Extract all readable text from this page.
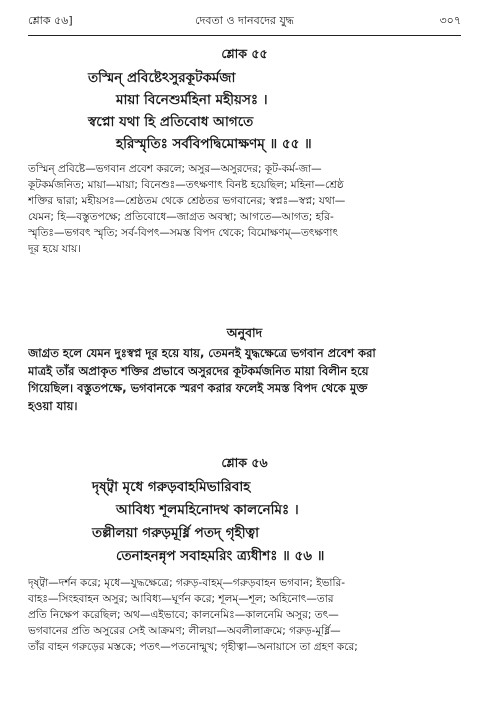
শ্লোক ৫৬]	দেবতা ও দানবদের যুদ্ধ	৩০৭
শ্লোক ৫৫
তস্মিন্ প্রবিষ্টেঽসুরকূটকর্মজা
মায়া বিনেশুর্মহিনা মহীয়সঃ ।
স্বপ্নো যথা হি প্রতিবোধ আগতে
হরিস্মৃতিঃ সর্ববিপদ্বিমোক্ষণম্ ॥ ৫৫ ॥
তস্মিন্ প্রবিষ্টে—ভগবান প্রবেশ করলে; অসুর—অসুরদের; কূট-কর্ম-জা—
কূটকর্মজনিত; মায়া—মায়া; বিনেশুঃ—তৎক্ষণাৎ বিনষ্ট হয়েছিল; মহিনা—শ্রেষ্ঠ
শক্তির দ্বারা; মহীয়সঃ—শ্রেষ্ঠতম থেকে শ্রেষ্ঠতর ভগবানের; স্বপ্নঃ—স্বপ্ন; যথা—
যেমন; হি—বস্তুতপক্ষে; প্রতিবোধে—জাগ্রত অবস্থা; আগতে—আগত; হরি-
স্মৃতিঃ—ভগবৎ স্মৃতি; সর্ব-বিপৎ—সমস্ত বিপদ থেকে; বিমোক্ষণম্—তৎক্ষণাৎ
দূর হয়ে যায়।
অনুবাদ
জাগ্রত হলে যেমন দুঃস্বপ্ন দূর হয়ে যায়, তেমনই যুদ্ধক্ষেত্রে ভগবান প্রবেশ করা
মাত্রই তাঁর অপ্রাকৃত শক্তির প্রভাবে অসুরদের কূটকর্মজনিত মায়া বিলীন হয়ে
গিয়েছিল। বস্তুতপক্ষে, ভগবানকে স্মরণ করার ফলেই সমস্ত বিপদ থেকে মুক্ত
হওয়া যায়।
শ্লোক ৫৬
দৃষ্ট্বা মৃধে গরুড়বাহমিভারিবাহ
আবিধ্য শূলমহিনোদথ কালনেমিঃ ।
তল্লীলয়া গরুড়মূর্ধ্নি পতদ্ গৃহীত্বা
তেনাহনন্নৃপ সবাহমরিং ত্র্যধীশঃ ॥ ৫৬ ॥
দৃষ্ট্বা—দর্শন করে; মৃধে—যুদ্ধক্ষেত্রে; গরুড়-বাহম্—গরুড়বাহন ভগবান; ইভারি-
বাহঃ—সিংহবাহন অসুর; আবিধ্য—ঘূর্ণন করে; শূলম্—শূল; অহিনোৎ—তার
প্রতি নিক্ষেপ করেছিল; অথ—এইভাবে; কালনেমিঃ—কালনেমি অসুর; তৎ—
ভগবানের প্রতি অসুরের সেই আক্রমণ; লীলয়া—অবলীলাক্রমে; গরুড়-মূর্ধ্নি—
তাঁর বাহন গরুড়ের মস্তকে; পতৎ—পতনোন্মুখ; গৃহীত্বা—অনায়াসে তা গ্রহণ করে;
